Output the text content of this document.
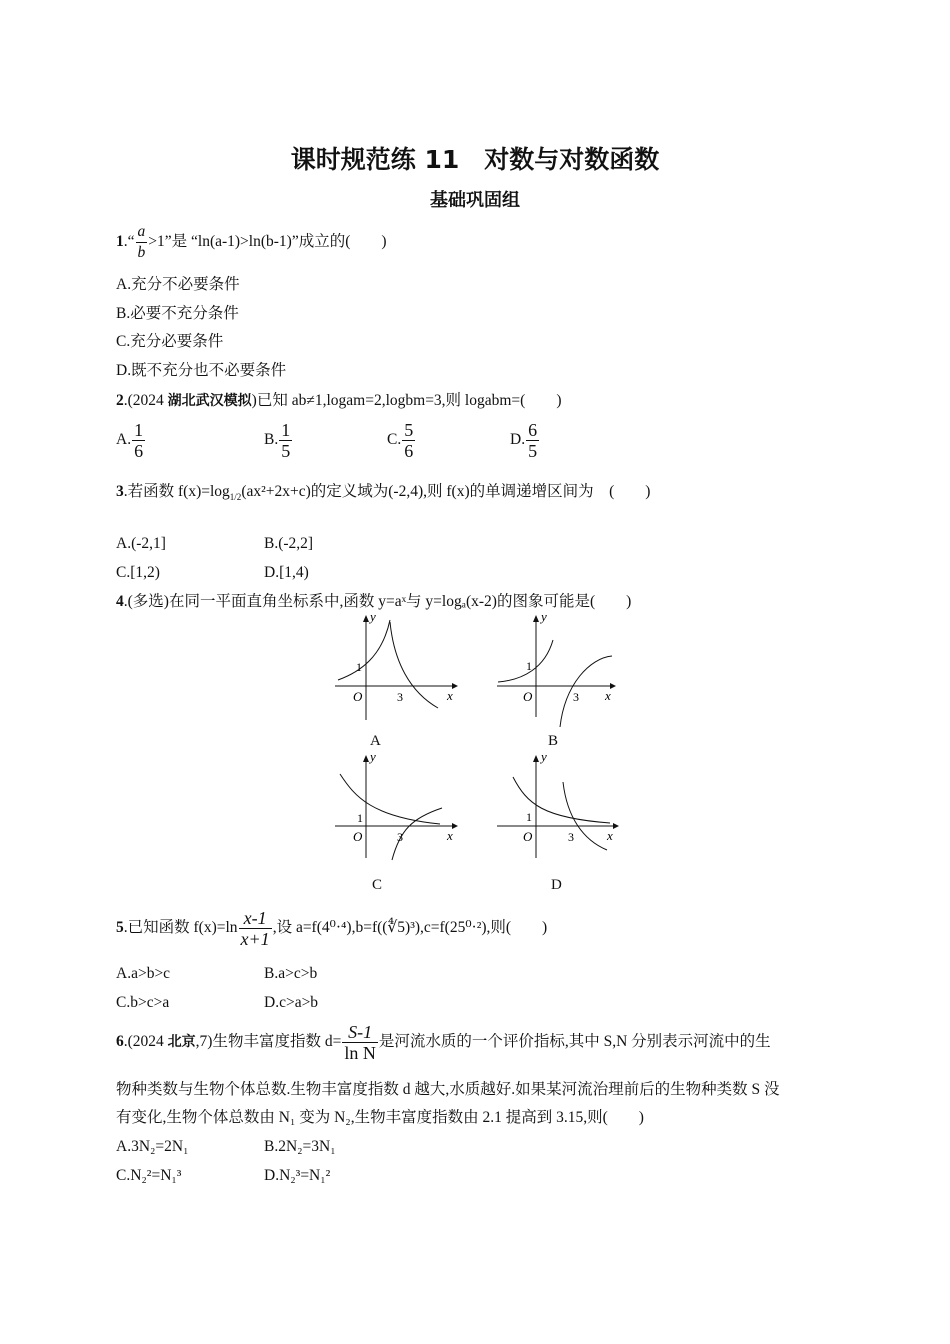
课时规范练 11　对数与对数函数
基础巩固组
1.“ $\frac{a}{b} >1$”是 “ln(a-1)>ln(b-1)”成立的(　　)
A.充分不必要条件
B.必要不充分条件
C.充分必要条件
D.既不充分也不必要条件
2.(2024 湖北武汉模拟)已知 ab≠1,logam=2,logbm=3,则 logabm=(　　)
A. $\frac{1}{6}$	B. $\frac{1}{5}$	C. $\frac{5}{6}$	D. $\frac{6}{5}$
3.若函数 $f(x)=\log_{1/2}(ax^2+2x+c)$的定义域为(-2,4),则 f(x)的单调递增区间为　(　　)
A.(-2,1]	B.(-2,2]
C.[1,2)	D.[1,4)
4.(多选)在同一平面直角坐标系中,函数 y=aˣ与 y=logₐ(x-2)的图象可能是(　　)
y
x
O
1
3
A
y
x
O
1
3
B
y
x
O
1
3
C
y
x
O
1
3
D
5.已知函数 $f(x)=\ln \frac{x-1}{x+1}$ ,设 a=f(4⁰·⁴),b=f((∜5)³),c=f(25⁰·²),则(　　)
A.a>b>c	B.a>c>b
C.b>c>a	D.c>a>b
6.(2024 北京,7)生物丰富度指数 $d= \frac{S-1}{\text{ln N}}$ 是河流水质的一个评价指标,其中 S,N 分别表示河流中的生
物种类数与生物个体总数.生物丰富度指数 d 越大,水质越好.如果某河流治理前后的生物种类数 S 没
有变化,生物个体总数由 N₁ 变为 N₂,生物丰富度指数由 2.1 提高到 3.15,则(　　)
A.3N₂=2N₁	B.2N₂=3N₁
C.N₂²=N₁³	D.N₂³=N₁²
